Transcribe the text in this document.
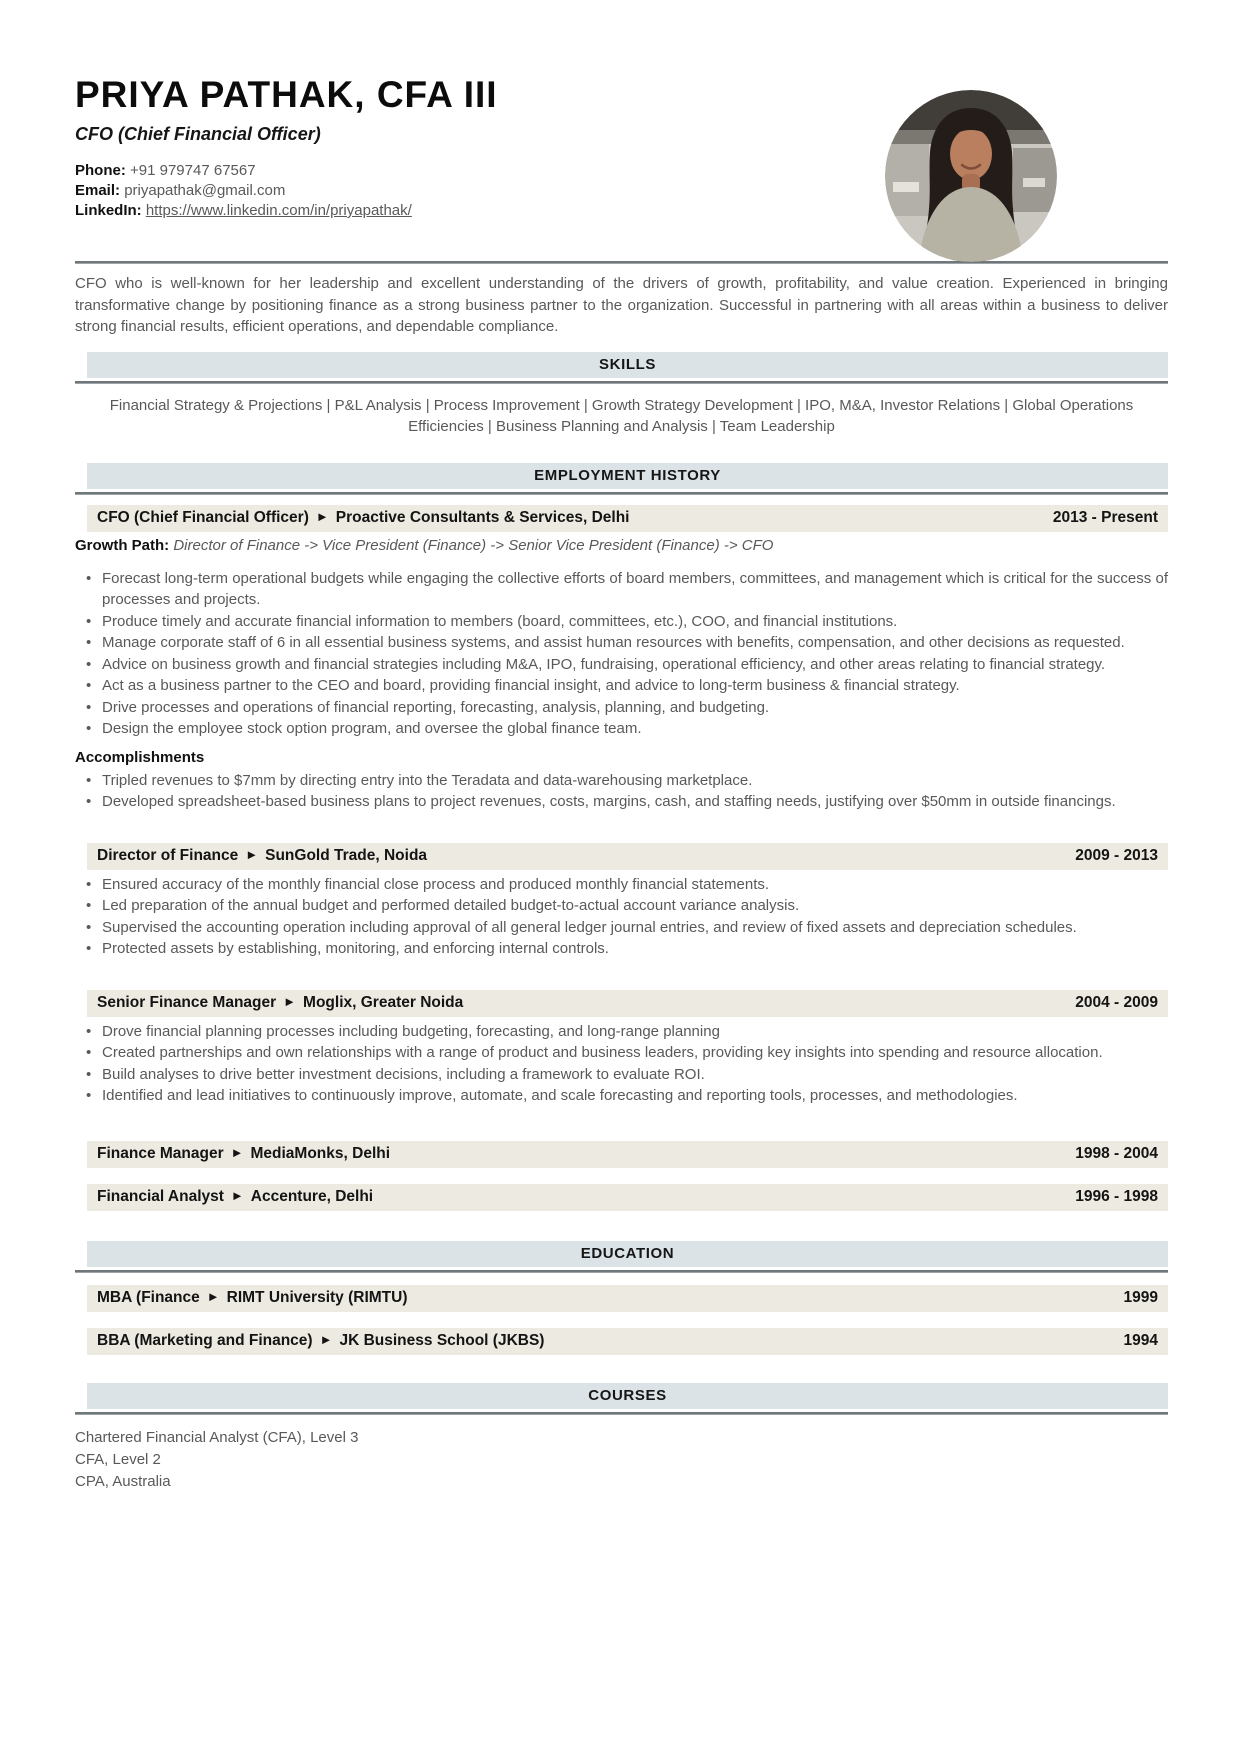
PRIYA PATHAK, CFA III
CFO (Chief Financial Officer)
Phone: +91 979747 67567
Email: priyapathak@gmail.com
LinkedIn: https://www.linkedin.com/in/priyapathak/

CFO who is well-known for her leadership and excellent understanding of the drivers of growth, profitability, and value creation. Experienced in bringing transformative change by positioning finance as a strong business partner to the organization. Successful in partnering with all areas within a business to deliver strong financial results, efficient operations, and dependable compliance.

SKILLS

Financial Strategy & Projections | P&L Analysis | Process Improvement | Growth Strategy Development | IPO, M&A, Investor Relations | Global Operations Efficiencies | Business Planning and Analysis | Team Leadership

EMPLOYMENT HISTORY
CFO (Chief Financial Officer) ► Proactive Consultants & Services, Delhi	2013 - Present

Growth Path: Director of Finance -> Vice President (Finance) -> Senior Vice President (Finance) -> CFO

• Forecast long-term operational budgets while engaging the collective efforts of board members, committees, and management which is critical for the success of processes and projects.
• Produce timely and accurate financial information to members (board, committees, etc.), COO, and financial institutions.
• Manage corporate staff of 6 in all essential business systems, and assist human resources with benefits, compensation, and other decisions as requested.
• Advice on business growth and financial strategies including M&A, IPO, fundraising, operational efficiency, and other areas relating to financial strategy.
• Act as a business partner to the CEO and board, providing financial insight, and advice to long-term business & financial strategy.
• Drive processes and operations of financial reporting, forecasting, analysis, planning, and budgeting.
• Design the employee stock option program, and oversee the global finance team.
Accomplishments
• Tripled revenues to $7mm by directing entry into the Teradata and data-warehousing marketplace.
• Developed spreadsheet-based business plans to project revenues, costs, margins, cash, and staffing needs, justifying over $50mm in outside financings.
Director of Finance ► SunGold Trade, Noida	2009 - 2013
• Ensured accuracy of the monthly financial close process and produced monthly financial statements.
• Led preparation of the annual budget and performed detailed budget-to-actual account variance analysis.
• Supervised the accounting operation including approval of all general ledger journal entries, and review of fixed assets and depreciation schedules.
• Protected assets by establishing, monitoring, and enforcing internal controls.
Senior Finance Manager ► Moglix, Greater Noida	2004 - 2009
• Drove financial planning processes including budgeting, forecasting, and long-range planning
• Created partnerships and own relationships with a range of product and business leaders, providing key insights into spending and resource allocation.
• Build analyses to drive better investment decisions, including a framework to evaluate ROI.
• Identified and lead initiatives to continuously improve, automate, and scale forecasting and reporting tools, processes, and methodologies.
Finance Manager ► MediaMonks, Delhi	1998 - 2004
Financial Analyst ► Accenture, Delhi	1996 - 1998
EDUCATION
MBA (Finance ► RIMT University (RIMTU)	1999
BBA (Marketing and Finance) ► JK Business School (JKBS)	1994
COURSES
Chartered Financial Analyst (CFA), Level 3
CFA, Level 2
CPA, Australia
